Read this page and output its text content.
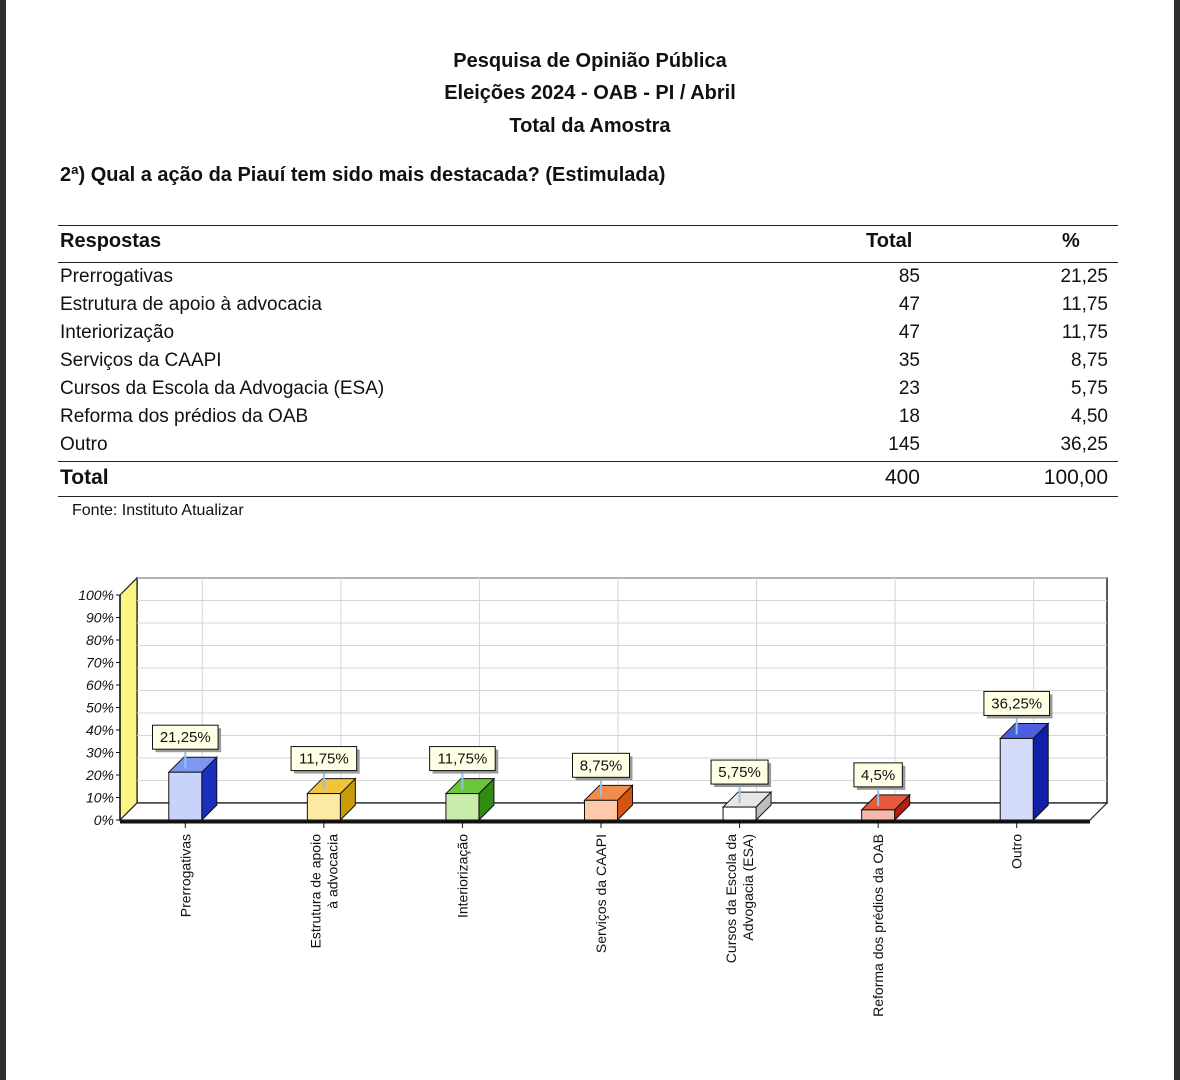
Pesquisa de Opinião Pública
Eleições 2024 - OAB - PI / Abril
Total da Amostra
2ª) Qual a ação da Piauí tem sido mais destacada? (Estimulada)
Respostas	Total	%
Prerrogativas	85	21,25
Estrutura de apoio à advocacia	47	11,75
Interiorização	47	11,75
Serviços da CAAPI	35	8,75
Cursos da Escola da Advogacia (ESA)	23	5,75
Reforma dos prédios da OAB	18	4,50
Outro	145	36,25
Total	400	100,00
Fonte: Instituto Atualizar
0%
10%
20%
30%
40%
50%
60%
70%
80%
90%
100%
21,25%
Prerrogativas
11,75%
Estrutura de apoio à advocacia
11,75%
Interiorização
8,75%
Serviços da CAAPI
5,75%
Cursos da Escola da Advogacia (ESA)
4,5%
Reforma dos prédios da OAB
36,25%
Outro
